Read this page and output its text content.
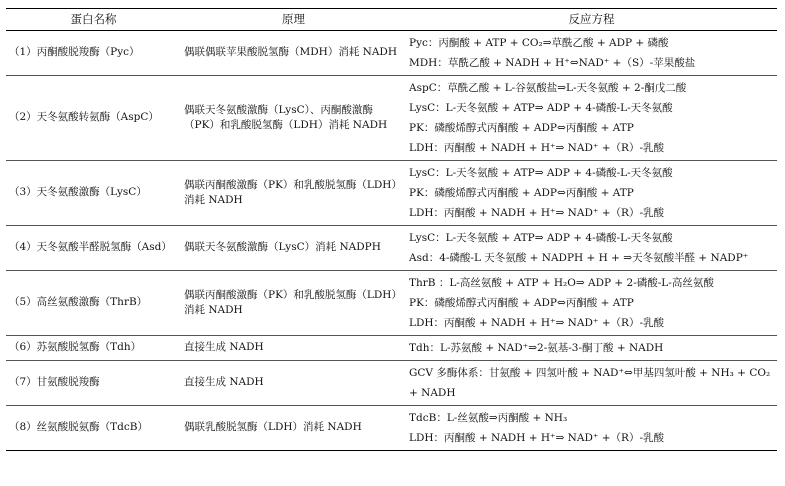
蛋白名称	原理	反应方程
（1）丙酮酸脱羧酶（Pyc）	偶联偶联苹果酸脱氢酶（MDH）消耗 NADH	Pyc：丙酮酸 + ATP + CO₂⇒草酰乙酸 + ADP + 磷酸
MDH：草酰乙酸 + NADH + H⁺⇔NAD⁺ +（S）-苹果酸盐

（2）天冬氨酸转氨酶（AspC）	偶联天冬氨酸激酶（LysC）、丙酮酸激酶（PK）和乳酸脱氢酶（LDH）消耗 NADH	AspC：草酰乙酸 + L-谷氨酸盐⇒L-天冬氨酸 + 2-酮戊二酸
LysC：L-天冬氨酸 + ATP⇒ ADP + 4-磷酸-L-天冬氨酸
PK：磷酸烯醇式丙酮酸 + ADP⇔丙酮酸 + ATP
LDH：丙酮酸 + NADH + H⁺⇒ NAD⁺ +（R）-乳酸

（3）天冬氨酸激酶（LysC）	偶联丙酮酸激酶（PK）和乳酸脱氢酶（LDH）消耗 NADH	LysC：L-天冬氨酸 + ATP⇒ ADP + 4-磷酸-L-天冬氨酸
PK：磷酸烯醇式丙酮酸 + ADP⇔丙酮酸 + ATP
LDH：丙酮酸 + NADH + H⁺⇒ NAD⁺ +（R）-乳酸

（4）天冬氨酸半醛脱氢酶（Asd）	偶联天冬氨酸激酶（LysC）消耗 NADPH	LysC：L-天冬氨酸 + ATP⇒ ADP + 4-磷酸-L-天冬氨酸
Asd：4-磷酸-L 天冬氨酸 + NADPH + H + ⇒天冬氨酸半醛 + NADP⁺

（5）高丝氨酸激酶（ThrB）	偶联丙酮酸激酶（PK）和乳酸脱氢酶（LDH）消耗 NADH	ThrB ：L-高丝氨酸 + ATP + H₂O⇒ ADP + 2-磷酸-L-高丝氨酸
PK：磷酸烯醇式丙酮酸 + ADP⇔丙酮酸 + ATP
LDH：丙酮酸 + NADH + H⁺⇒ NAD⁺ +（R）-乳酸

（6）苏氨酸脱氢酶（Tdh）	直接生成 NADH	Tdh：L-苏氨酸 + NAD⁺⇒2-氨基-3-酮丁酸 + NADH

（7）甘氨酸脱羧酶	直接生成 NADH	GCV 多酶体系：甘氨酸 + 四氢叶酸 + NAD⁺⇔甲基四氢叶酸 + NH₃ + CO₂ + NADH

（8）丝氨酸脱氨酶（TdcB）	偶联乳酸脱氢酶（LDH）消耗 NADH	TdcB：L-丝氨酸⇒丙酮酸 + NH₃
LDH：丙酮酸 + NADH + H⁺⇒ NAD⁺ +（R）-乳酸
